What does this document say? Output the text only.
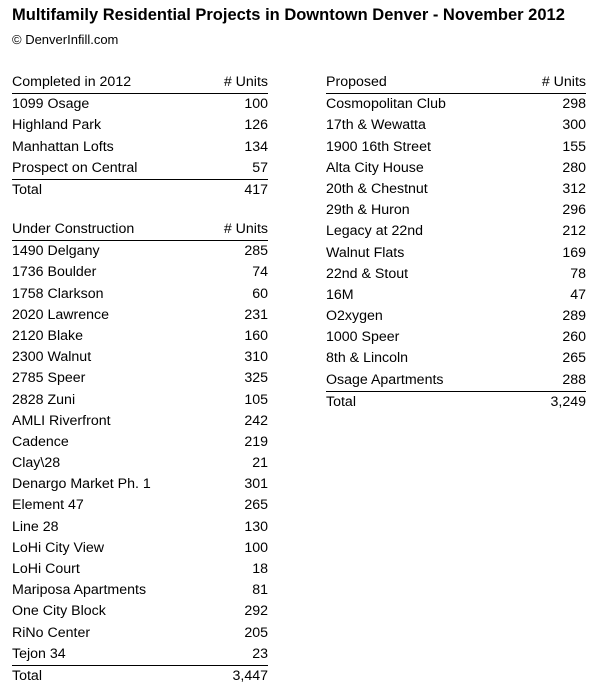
Multifamily Residential Projects in Downtown Denver - November 2012
© DenverInfill.com
Completed in 2012	# Units
1099 Osage	100
Highland Park	126
Manhattan Lofts	134
Prospect on Central	57
Total	417
Under Construction	# Units
1490 Delgany	285
1736 Boulder	74
1758 Clarkson	60
2020 Lawrence	231
2120 Blake	160
2300 Walnut	310
2785 Speer	325
2828 Zuni	105
AMLI Riverfront	242
Cadence	219
Clay\28	21
Denargo Market Ph. 1	301
Element 47	265
Line 28	130
LoHi City View	100
LoHi Court	18
Mariposa Apartments	81
One City Block	292
RiNo Center	205
Tejon 34	23
Total	3,447
Proposed	# Units
Cosmopolitan Club	298
17th & Wewatta	300
1900 16th Street	155
Alta City House	280
20th & Chestnut	312
29th & Huron	296
Legacy at 22nd	212
Walnut Flats	169
22nd & Stout	78
16M	47
O2xygen	289
1000 Speer	260
8th & Lincoln	265
Osage Apartments	288
Total	3,249
